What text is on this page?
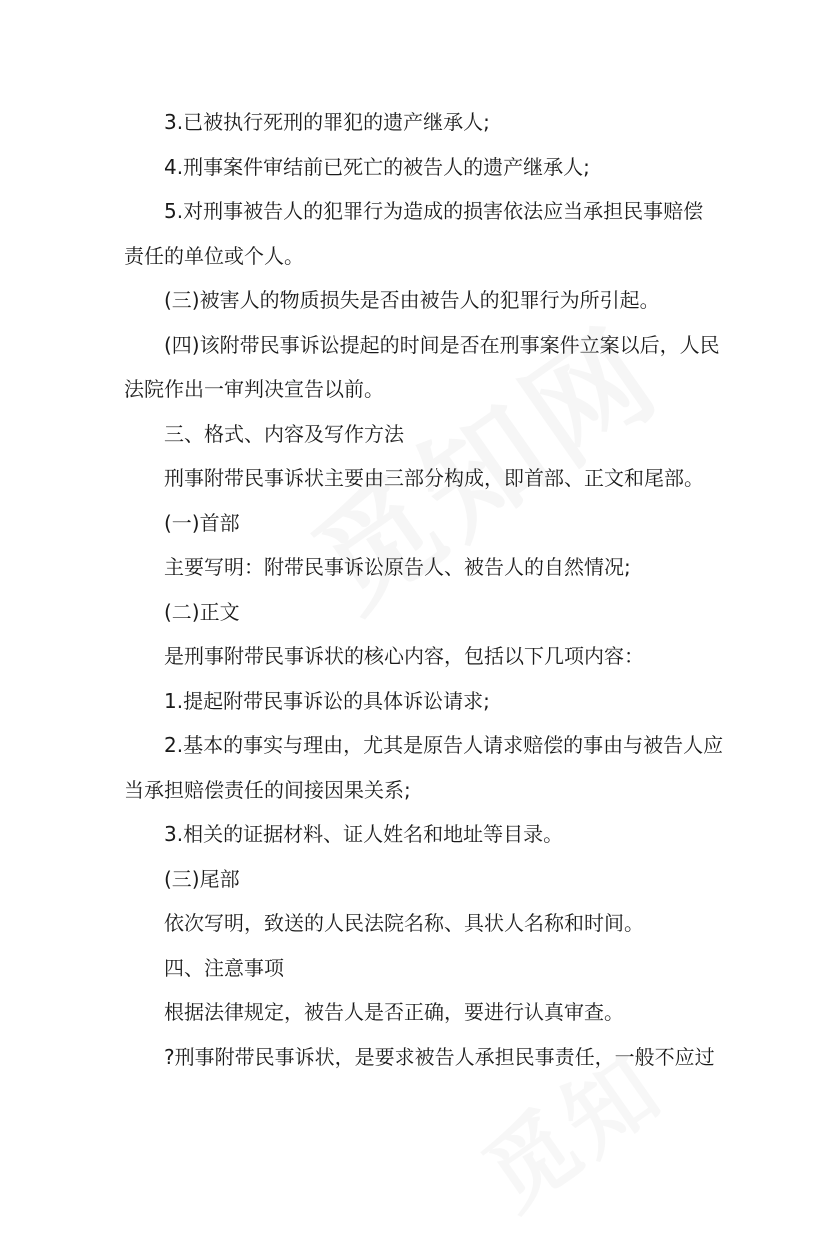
3.已被执行死刑的罪犯的遗产继承人;
4.刑事案件审结前已死亡的被告人的遗产继承人;
5.对刑事被告人的犯罪行为造成的损害依法应当承担民事赔偿
责任的单位或个人。
(三)被害人的物质损失是否由被告人的犯罪行为所引起。
(四)该附带民事诉讼提起的时间是否在刑事案件立案以后，人民
法院作出一审判决宣告以前。
三、格式、内容及写作方法
刑事附带民事诉状主要由三部分构成，即首部、正文和尾部。
(一)首部
主要写明：附带民事诉讼原告人、被告人的自然情况;
(二)正文
是刑事附带民事诉状的核心内容，包括以下几项内容：
1.提起附带民事诉讼的具体诉讼请求;
2.基本的事实与理由，尤其是原告人请求赔偿的事由与被告人应
当承担赔偿责任的间接因果关系;
3.相关的证据材料、证人姓名和地址等目录。
(三)尾部
依次写明，致送的人民法院名称、具状人名称和时间。
四、注意事项
根据法律规定，被告人是否正确，要进行认真审查。
?刑事附带民事诉状，是要求被告人承担民事责任，一般不应过
